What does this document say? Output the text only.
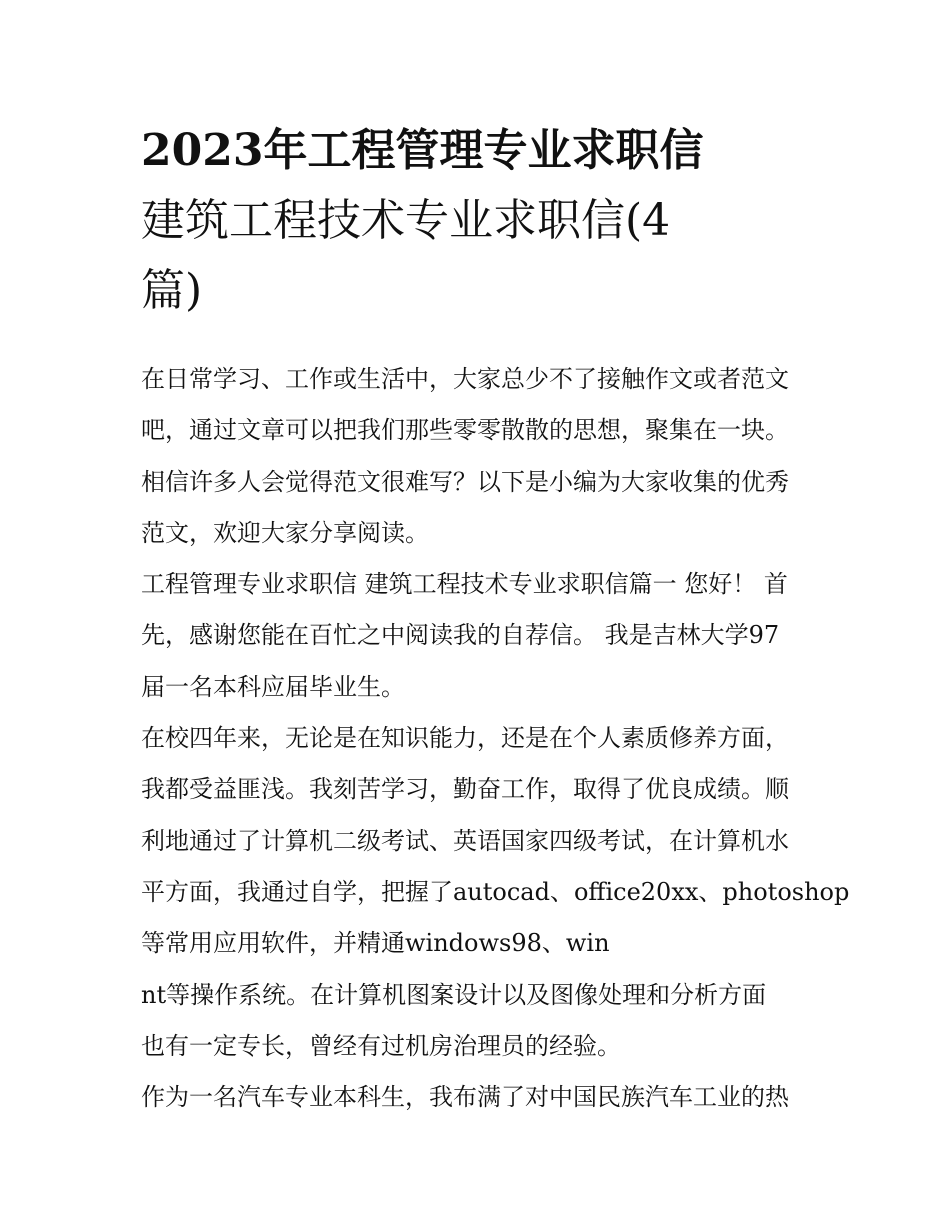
2023年工程管理专业求职信
建筑工程技术专业求职信(4
篇)

在日常学习、工作或生活中，大家总少不了接触作文或者范文
吧，通过文章可以把我们那些零零散散的思想，聚集在一块。
相信许多人会觉得范文很难写？以下是小编为大家收集的优秀
范文，欢迎大家分享阅读。

工程管理专业求职信 建筑工程技术专业求职信篇一 您好！ 首
先，感谢您能在百忙之中阅读我的自荐信。 我是吉林大学97
届一名本科应届毕业生。

在校四年来，无论是在知识能力，还是在个人素质修养方面，
我都受益匪浅。我刻苦学习，勤奋工作，取得了优良成绩。顺
利地通过了计算机二级考试、英语国家四级考试，在计算机水
平方面，我通过自学，把握了autocad、office20xx、photoshop
等常用应用软件，并精通windows98、win
nt等操作系统。在计算机图案设计以及图像处理和分析方面
也有一定专长，曾经有过机房治理员的经验。

作为一名汽车专业本科生，我布满了对中国民族汽车工业的热
